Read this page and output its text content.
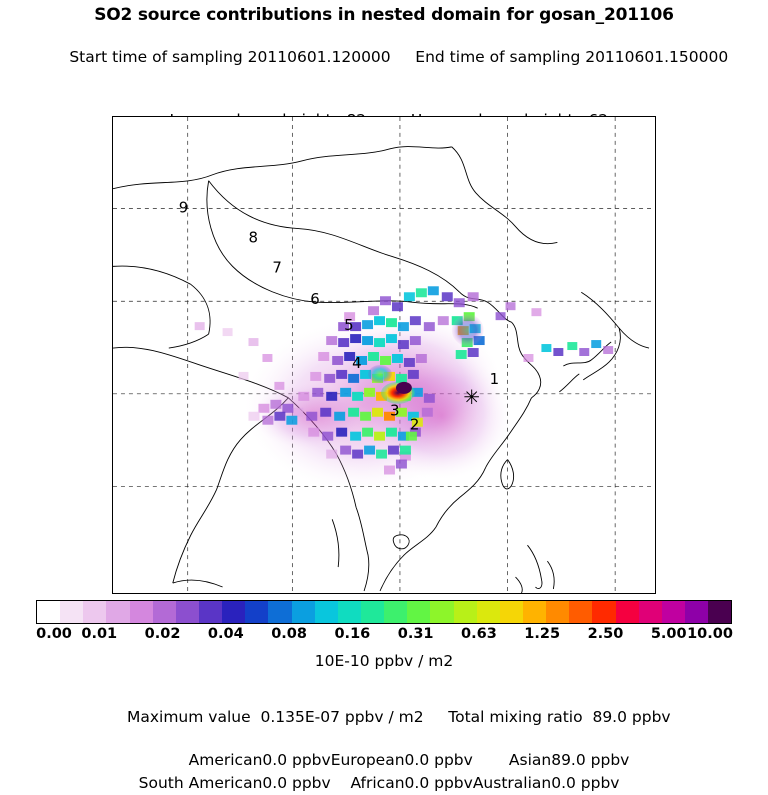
SO2 source contributions in nested domain for gosan_201106

Start time of sampling 20110601.120000 End time of sampling 20110601.150000

✳
1
2
3
4
5
6
7
8
9
0.00 0.01 0.02 0.04 0.08 0.16 0.31 0.63 1.25 2.50 5.00 10.00
10E-10 ppbv / m2

Maximum value 0.135E-07 ppbv / m2 Total mixing ratio 89.0 ppbv

American	0.0 ppbv	European	0.0 ppbv	Asian	89.0 ppbv
South American	0.0 ppbv	African	0.0 ppbv	Australian	0.0 ppbv
